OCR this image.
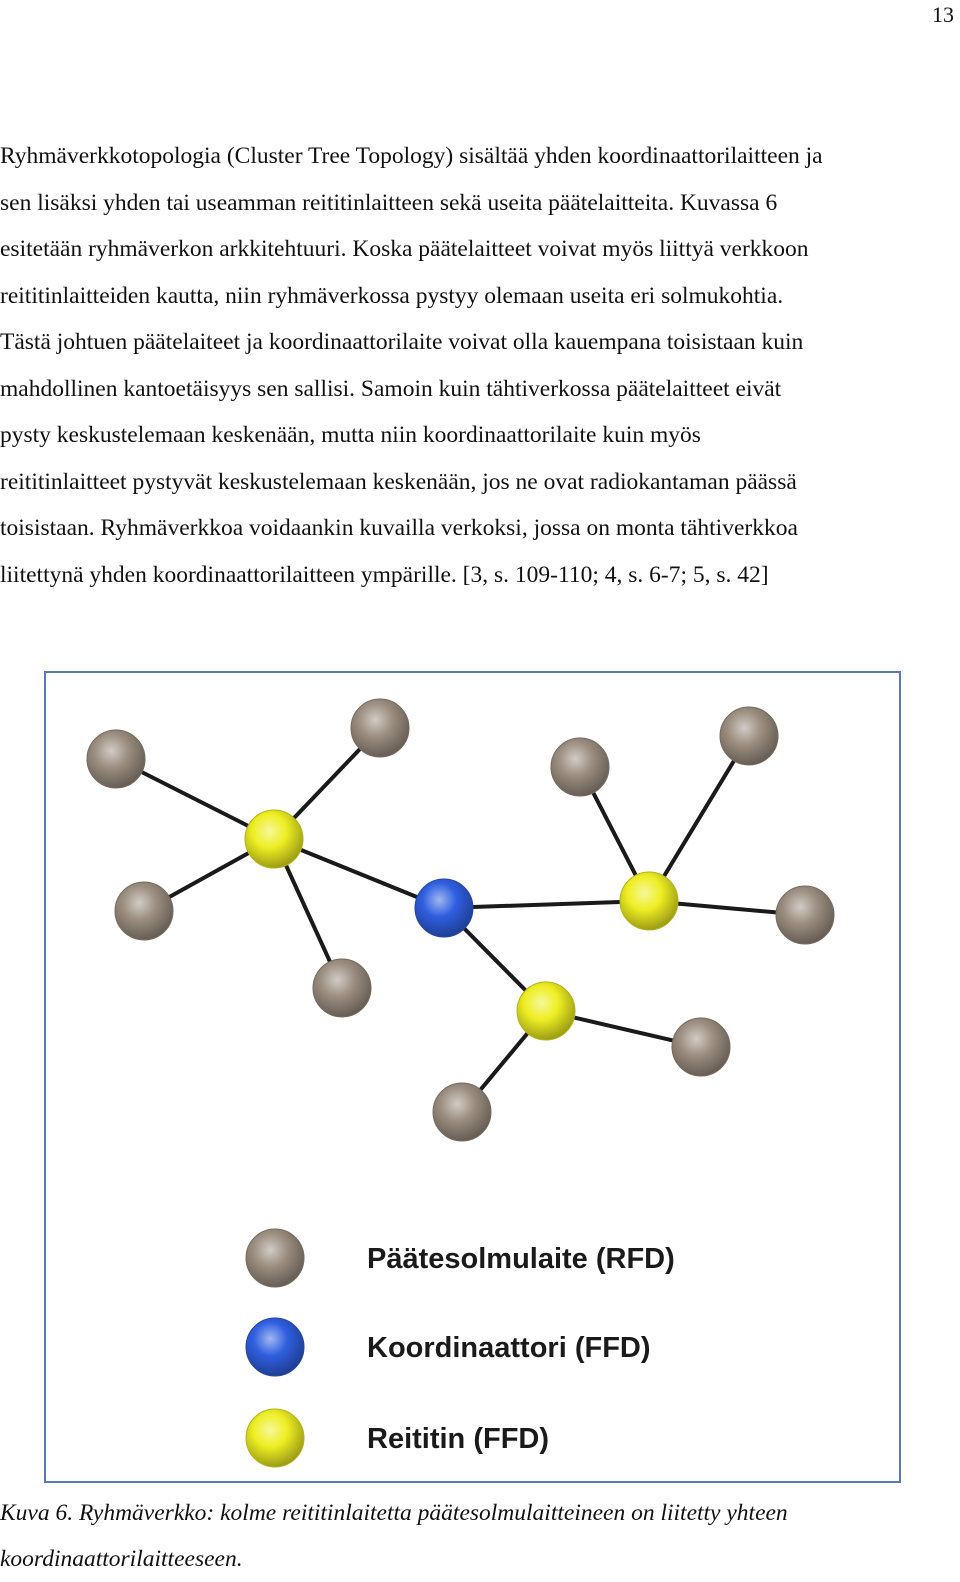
13
Ryhmäverkkotopologia (Cluster Tree Topology) sisältää yhden koordinaattorilaitteen ja
sen lisäksi yhden tai useamman reititinlaitteen sekä useita päätelaitteita. Kuvassa 6
esitetään ryhmäverkon arkkitehtuuri. Koska päätelaitteet voivat myös liittyä verkkoon
reititinlaitteiden kautta, niin ryhmäverkossa pystyy olemaan useita eri solmukohtia.
Tästä johtuen päätelaiteet ja koordinaattorilaite voivat olla kauempana toisistaan kuin
mahdollinen kantoetäisyys sen sallisi. Samoin kuin tähtiverkossa päätelaitteet eivät
pysty keskustelemaan keskenään, mutta niin koordinaattorilaite kuin myös
reititinlaitteet pystyvät keskustelemaan keskenään, jos ne ovat radiokantaman päässä
toisistaan. Ryhmäverkkoa voidaankin kuvailla verkoksi, jossa on monta tähtiverkkoa
liitettynä yhden koordinaattorilaitteen ympärille. [3, s. 109-110; 4, s. 6-7; 5, s. 42]
Päätesolmulaite (RFD)
Koordinaattori (FFD)
Reititin (FFD)
Kuva 6. Ryhmäverkko: kolme reititinlaitetta päätesolmulaitteineen on liitetty yhteen
koordinaattorilaitteeseen.
